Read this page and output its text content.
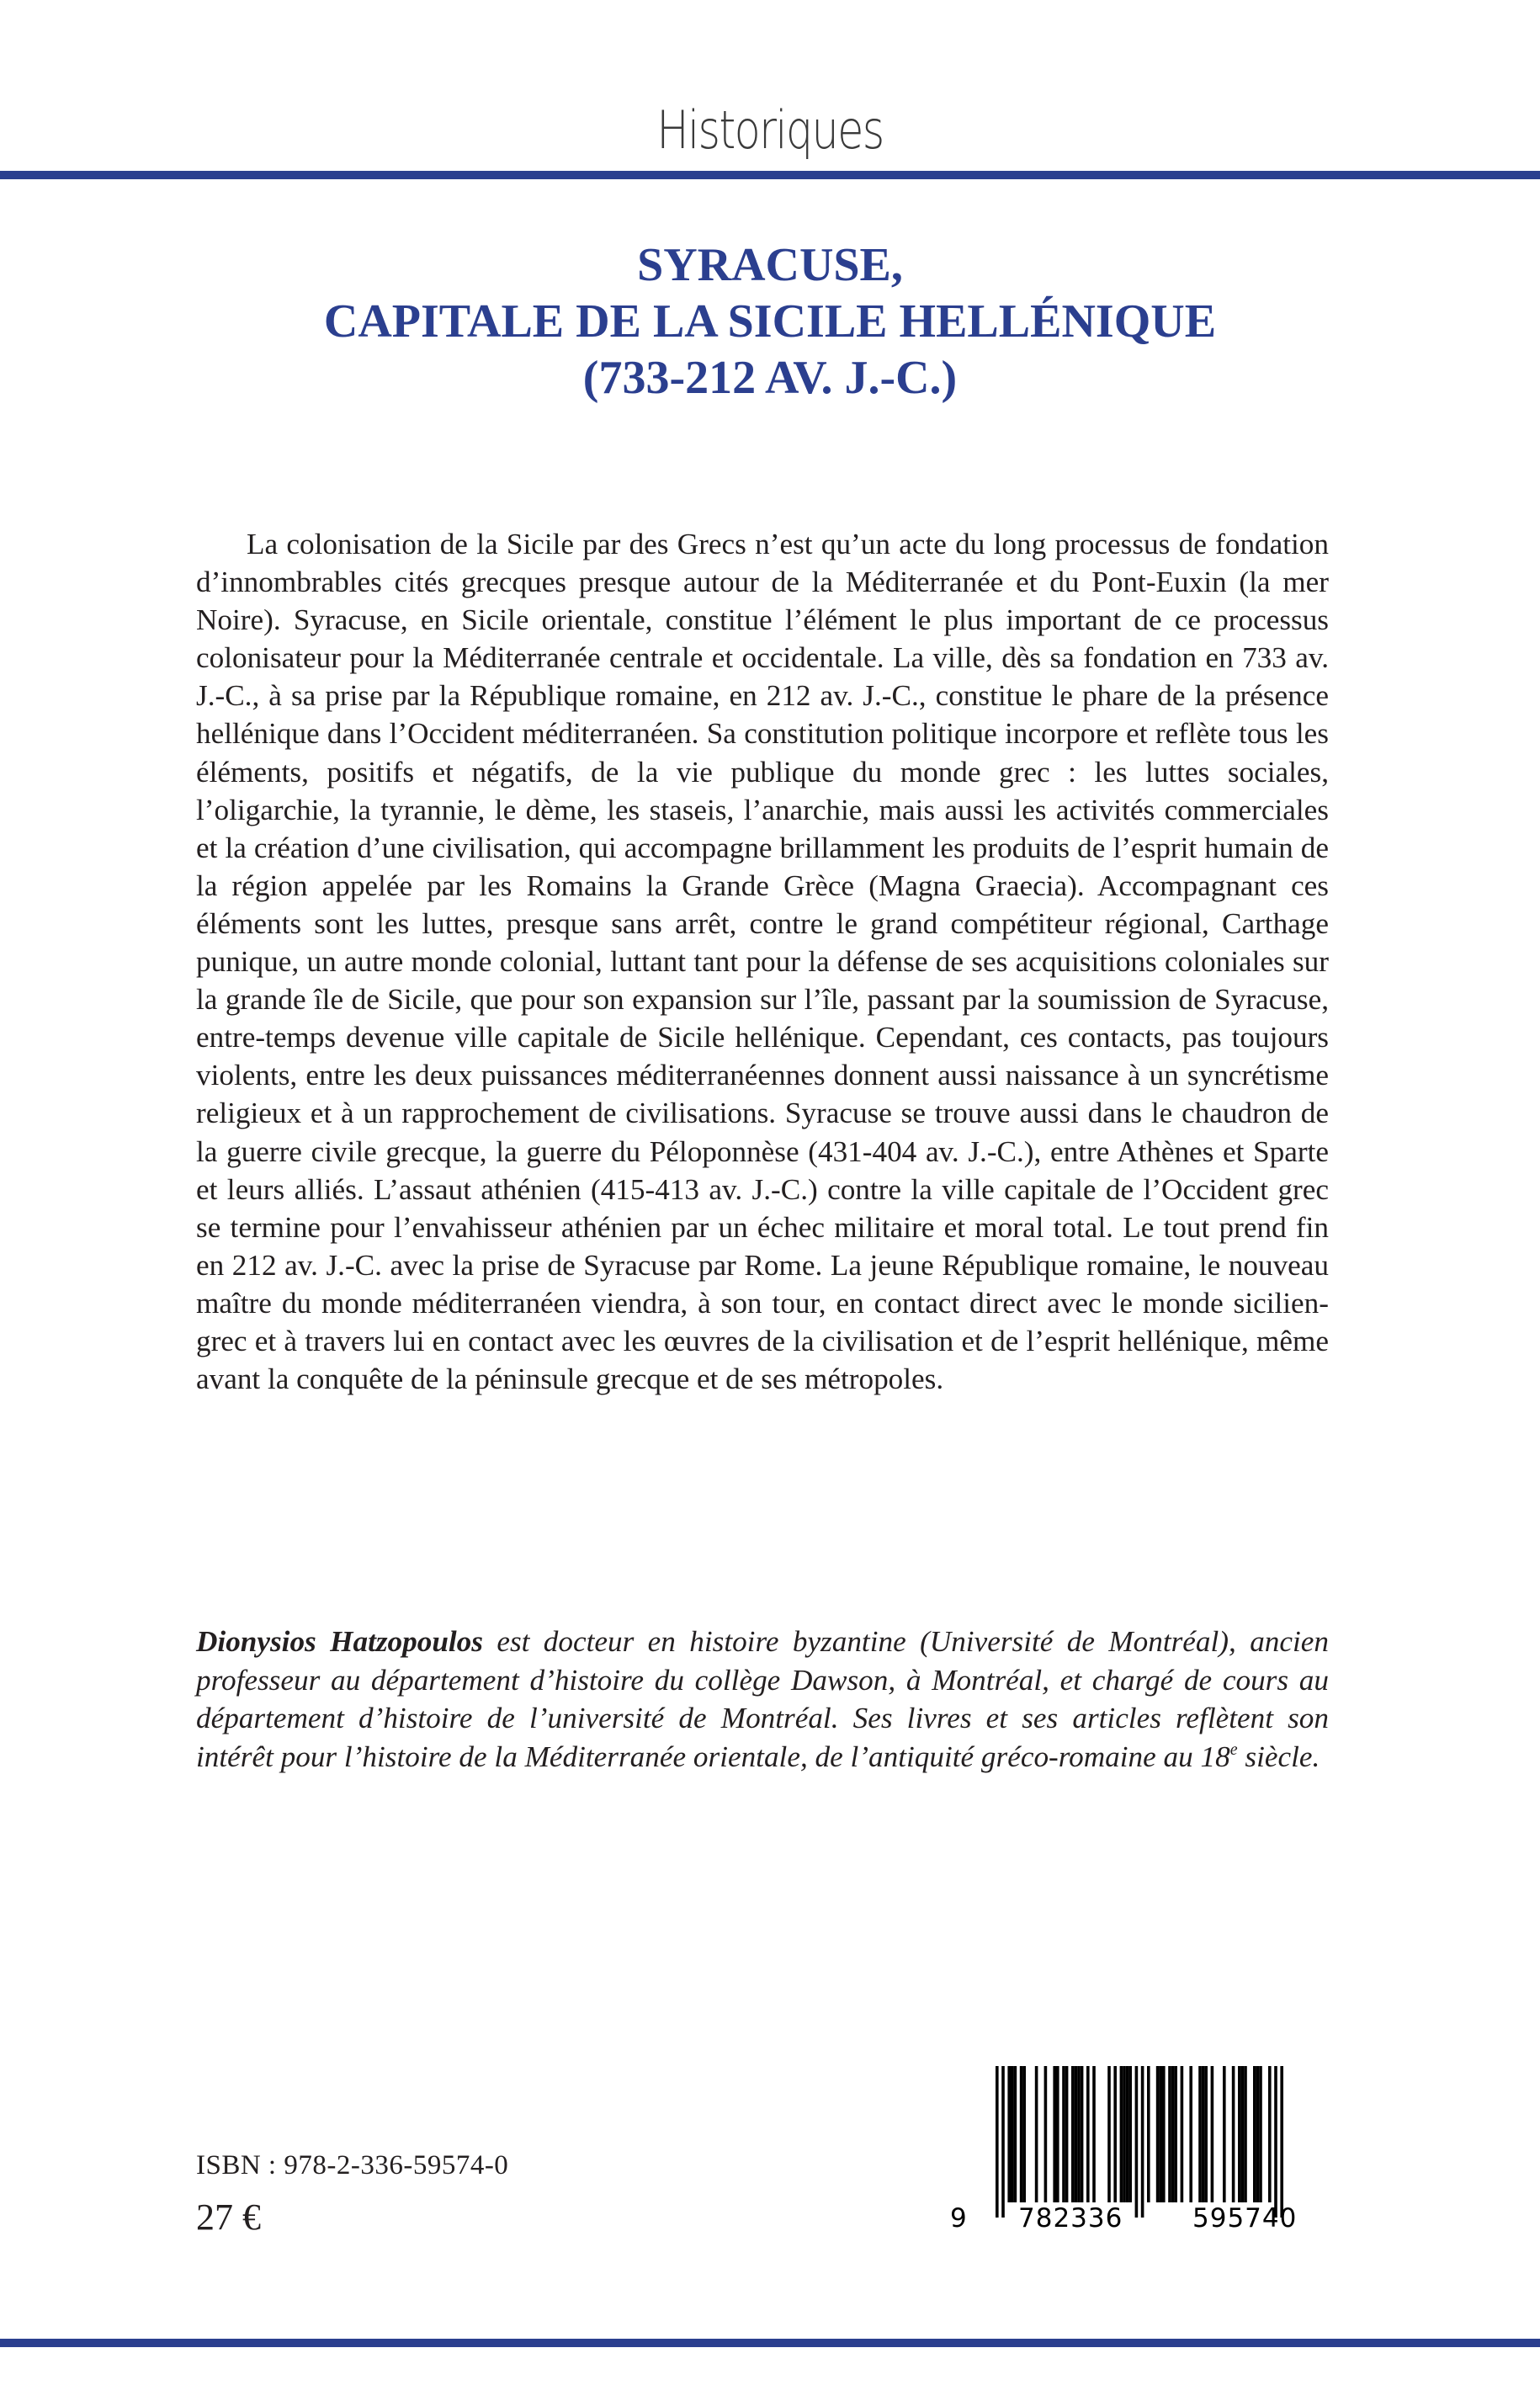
Historiques
SYRACUSE,
CAPITALE DE LA SICILE HELLÉNIQUE
(733-212 AV. J.-C.)

La colonisation de la Sicile par des Grecs n’est qu’un acte du long processus de fondation d’innombrables cités grecques presque autour de la Méditerranée et du Pont-Euxin (la mer Noire). Syracuse, en Sicile orientale, constitue l’élément le plus important de ce processus colonisateur pour la Méditerranée centrale et occidentale. La ville, dès sa fondation en 733 av. J.-C., à sa prise par la République romaine, en 212 av. J.-C., constitue le phare de la présence hellénique dans l’Occident méditerranéen. Sa constitution politique incorpore et reflète tous les éléments, positifs et négatifs, de la vie publique du monde grec : les luttes sociales, l’oligarchie, la tyrannie, le dème, les staseis, l’anarchie, mais aussi les activités commerciales et la création d’une civilisation, qui accompagne brillamment les produits de l’esprit humain de la région appelée par les Romains la Grande Grèce (Magna Graecia). Accompagnant ces éléments sont les luttes, presque sans arrêt, contre le grand compétiteur régional, Carthage punique, un autre monde colonial, luttant tant pour la défense de ses acquisitions coloniales sur la grande île de Sicile, que pour son expansion sur l’île, passant par la soumission de Syracuse, entre-temps devenue ville capitale de Sicile hellénique. Cependant, ces contacts, pas toujours violents, entre les deux puissances méditerranéennes donnent aussi naissance à un syncrétisme religieux et à un rapprochement de civilisations. Syracuse se trouve aussi dans le chaudron de la guerre civile grecque, la guerre du Péloponnèse (431-404 av. J.-C.), entre Athènes et Sparte et leurs alliés. L’assaut athénien (415-413 av. J.-C.) contre la ville capitale de l’Occident grec se termine pour l’envahisseur athénien par un échec militaire et moral total. Le tout prend fin en 212 av. J.-C. avec la prise de Syracuse par Rome. La jeune République romaine, le nouveau maître du monde méditerranéen viendra, à son tour, en contact direct avec le monde sicilien-grec et à travers lui en contact avec les œuvres de la civilisation et de l’esprit hellénique, même avant la conquête de la péninsule grecque et de ses métropoles.

Dionysios Hatzopoulos est docteur en histoire byzantine (Université de Montréal), ancien professeur au département d’histoire du collège Dawson, à Montréal, et chargé de cours au département d’histoire de l’université de Montréal. Ses livres et ses articles reflètent son intérêt pour l’histoire de la Méditerranée orientale, de l’antiquité gréco-romaine au 18e siècle.

ISBN : 978-2-336-59574-0
27 €	9 782336	595740
